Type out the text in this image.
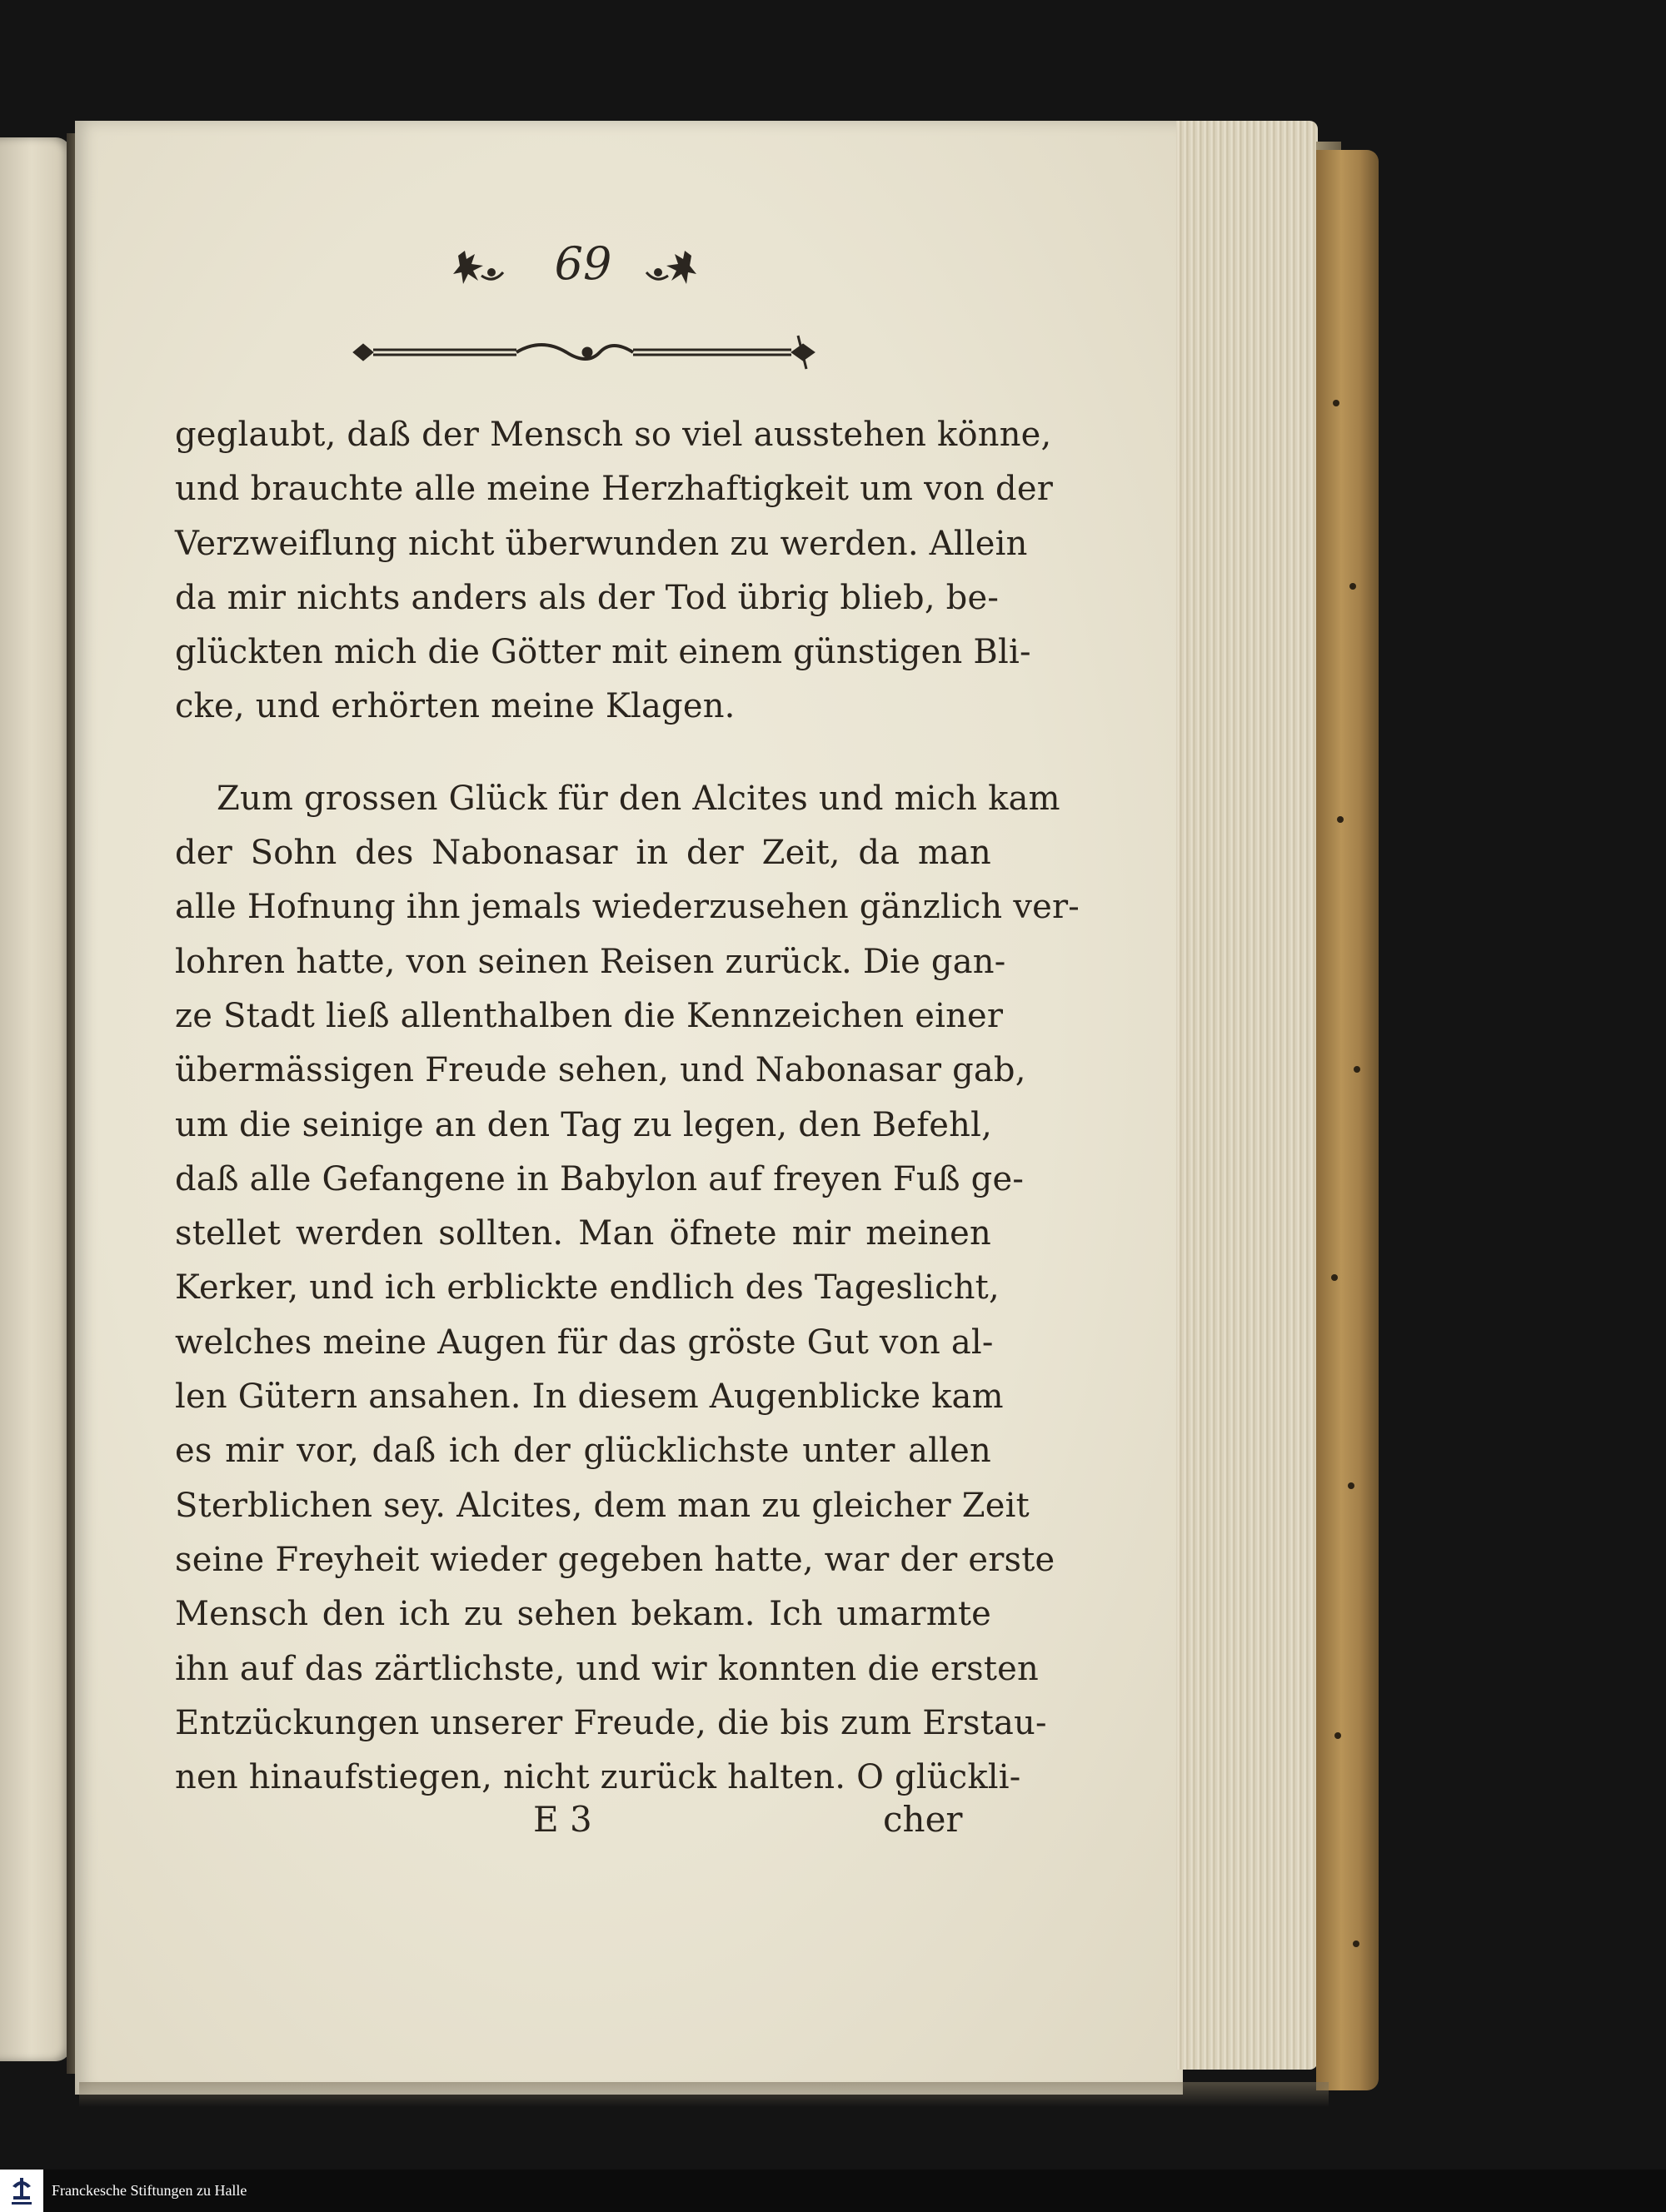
69
geglaubt, daß der Mensch so viel ausstehen könne,
und brauchte alle meine Herzhaftigkeit um von der
Verzweiflung nicht überwunden zu werden. Allein
da mir nichts anders als der Tod übrig blieb, be-
glückten mich die Götter mit einem günstigen Bli-
cke, und erhörten meine Klagen.
Zum grossen Glück für den Alcites und mich kam
der Sohn des Nabonasar in der Zeit, da man
alle Hofnung ihn jemals wiederzusehen gänzlich ver-
lohren hatte, von seinen Reisen zurück. Die gan-
ze Stadt ließ allenthalben die Kennzeichen einer
übermässigen Freude sehen, und Nabonasar gab,
um die seinige an den Tag zu legen, den Befehl,
daß alle Gefangene in Babylon auf freyen Fuß ge-
stellet werden sollten. Man öfnete mir meinen
Kerker, und ich erblickte endlich des Tageslicht,
welches meine Augen für das gröste Gut von al-
len Gütern ansahen. In diesem Augenblicke kam
es mir vor, daß ich der glücklichste unter allen
Sterblichen sey. Alcites, dem man zu gleicher Zeit
seine Freyheit wieder gegeben hatte, war der erste
Mensch den ich zu sehen bekam. Ich umarmte
ihn auf das zärtlichste, und wir konnten die ersten
Entzückungen unserer Freude, die bis zum Erstau-
nen hinaufstiegen, nicht zurück halten. O glückli-
E 3	cher
Franckesche Stiftungen zu Halle
